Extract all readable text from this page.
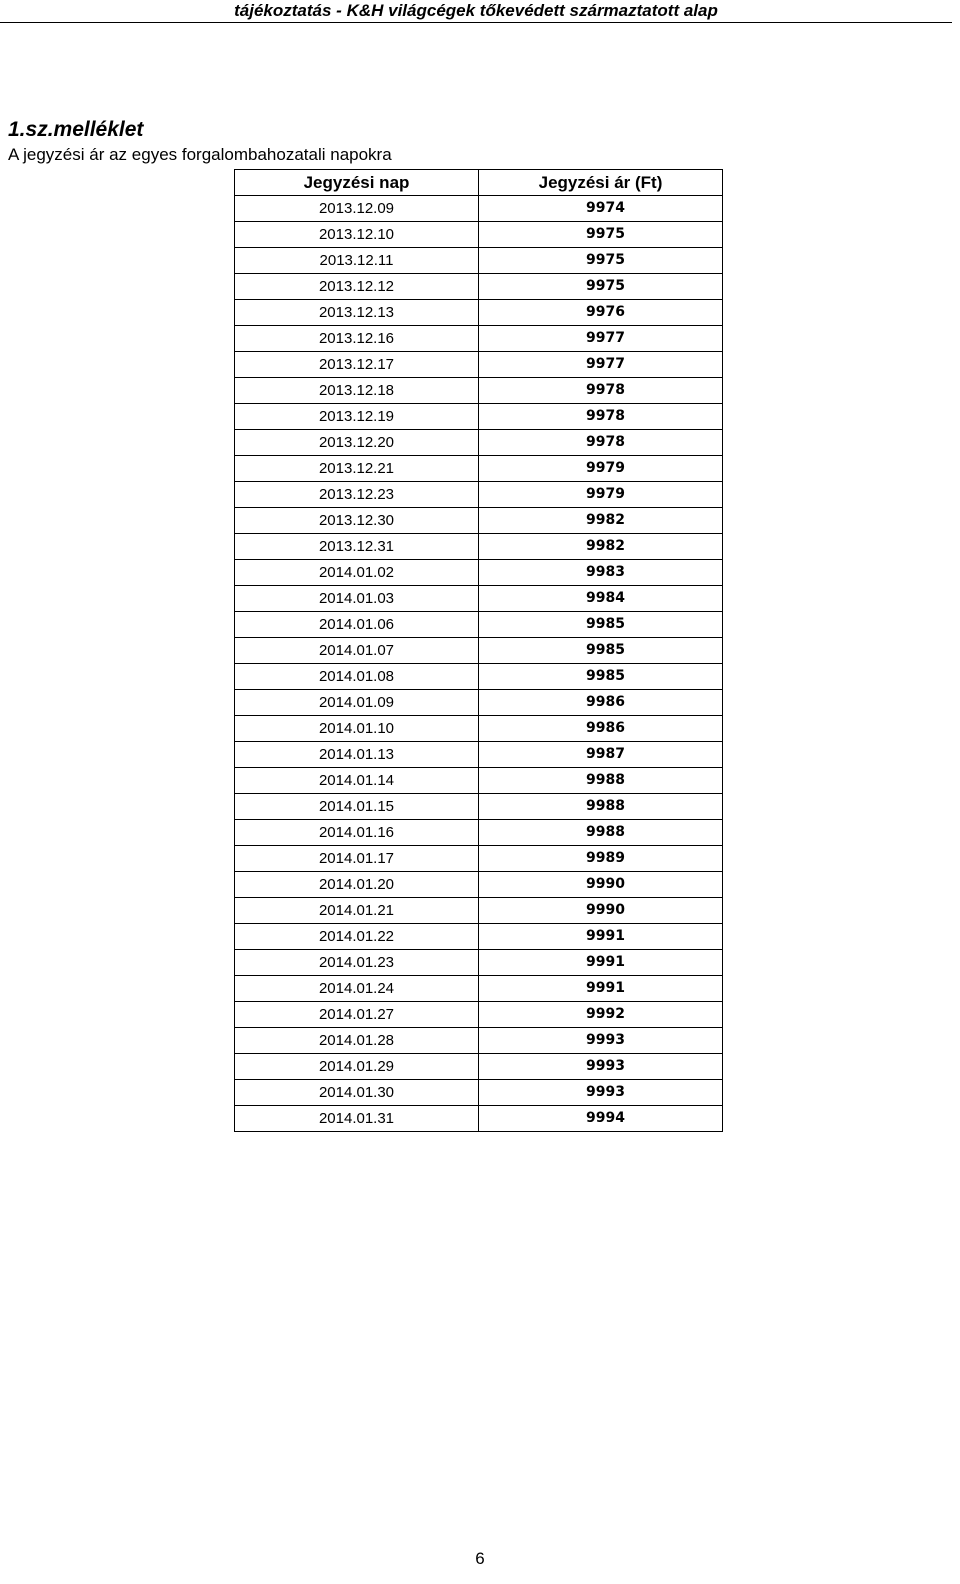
tájékoztatás - K&H világcégek tőkevédett származtatott alap
1.sz.melléklet
A jegyzési ár az egyes forgalombahozatali napokra
Jegyzési nap	Jegyzési ár (Ft)
2013.12.09	9974
2013.12.10	9975
2013.12.11	9975
2013.12.12	9975
2013.12.13	9976
2013.12.16	9977
2013.12.17	9977
2013.12.18	9978
2013.12.19	9978
2013.12.20	9978
2013.12.21	9979
2013.12.23	9979
2013.12.30	9982
2013.12.31	9982
2014.01.02	9983
2014.01.03	9984
2014.01.06	9985
2014.01.07	9985
2014.01.08	9985
2014.01.09	9986
2014.01.10	9986
2014.01.13	9987
2014.01.14	9988
2014.01.15	9988
2014.01.16	9988
2014.01.17	9989
2014.01.20	9990
2014.01.21	9990
2014.01.22	9991
2014.01.23	9991
2014.01.24	9991
2014.01.27	9992
2014.01.28	9993
2014.01.29	9993
2014.01.30	9993
2014.01.31	9994
6
